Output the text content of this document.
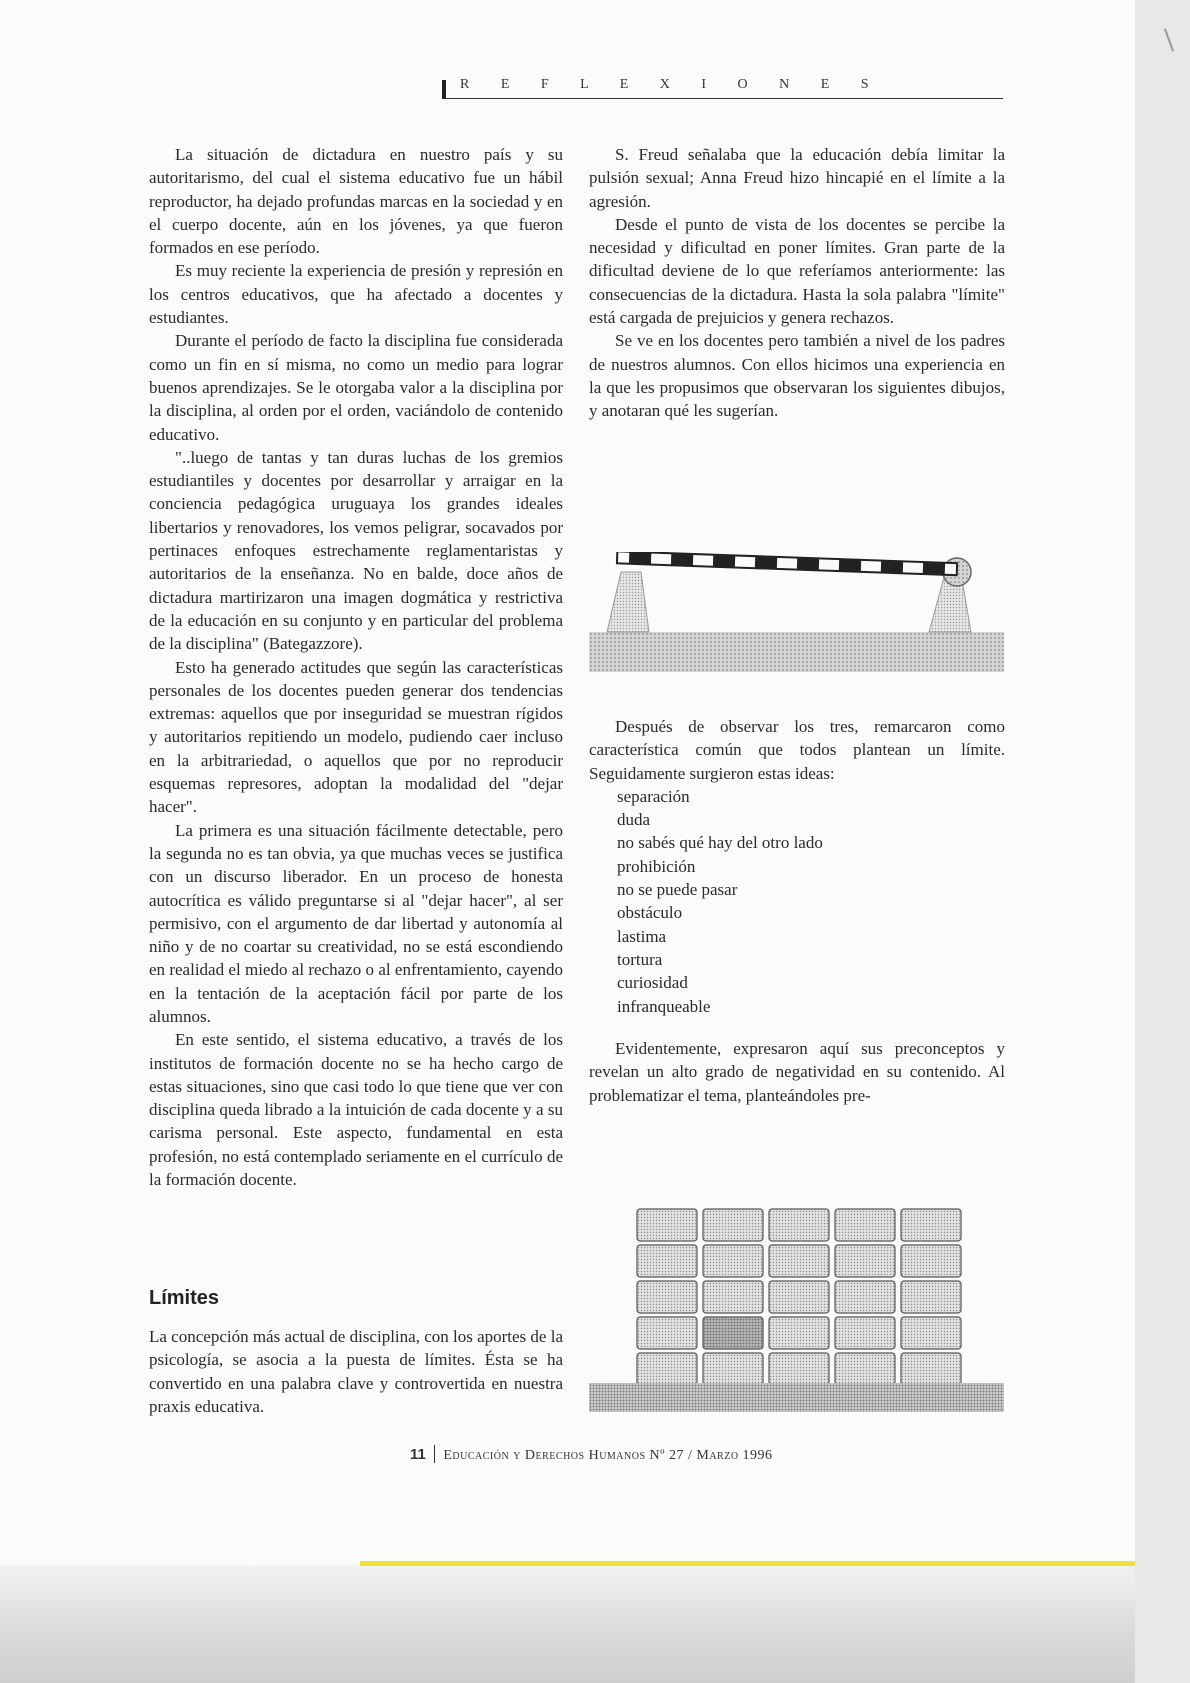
R E F L E X I O N E S

La situación de dictadura en nuestro país y su autoritarismo, del cual el sistema educativo fue un hábil reproductor, ha dejado profundas marcas en la sociedad y en el cuerpo docente, aún en los jóvenes, ya que fueron formados en ese período.

Es muy reciente la experiencia de presión y represión en los centros educativos, que ha afectado a docentes y estudiantes.

Durante el período de facto la disciplina fue considerada como un fin en sí misma, no como un medio para lograr buenos aprendizajes. Se le otorgaba valor a la disciplina por la disciplina, al orden por el orden, vaciándolo de contenido educativo.

"..luego de tantas y tan duras luchas de los gremios estudiantiles y docentes por desarrollar y arraigar en la conciencia pedagógica uruguaya los grandes ideales libertarios y renovadores, los vemos peligrar, socavados por pertinaces enfoques estrechamente reglamentaristas y autoritarios de la enseñanza. No en balde, doce años de dictadura martirizaron una imagen dogmática y restrictiva de la educación en su conjunto y en particular del problema de la disciplina" (Bategazzore).

Esto ha generado actitudes que según las características personales de los docentes pueden generar dos tendencias extremas: aquellos que por inseguridad se muestran rígidos y autoritarios repitiendo un modelo, pudiendo caer incluso en la arbitrariedad, o aquellos que por no reproducir esquemas represores, adoptan la modalidad del "dejar hacer".

La primera es una situación fácilmente detectable, pero la segunda no es tan obvia, ya que muchas veces se justifica con un discurso liberador. En un proceso de honesta autocrítica es válido preguntarse si al "dejar hacer", al ser permisivo, con el argumento de dar libertad y autonomía al niño y de no coartar su creatividad, no se está escondiendo en realidad el miedo al rechazo o al enfrentamiento, cayendo en la tentación de la aceptación fácil por parte de los alumnos.

En este sentido, el sistema educativo, a través de los institutos de formación docente no se ha hecho cargo de estas situaciones, sino que casi todo lo que tiene que ver con disciplina queda librado a la intuición de cada docente y a su carisma personal. Este aspecto, fundamental en esta profesión, no está contemplado seriamente en el currículo de la formación docente.

Límites

La concepción más actual de disciplina, con los aportes de la psicología, se asocia a la puesta de límites. Ésta se ha convertido en una palabra clave y controvertida en nuestra praxis educativa.

S. Freud señalaba que la educación debía limitar la pulsión sexual; Anna Freud hizo hincapié en el límite a la agresión.

Desde el punto de vista de los docentes se percibe la necesidad y dificultad en poner límites. Gran parte de la dificultad deviene de lo que referíamos anteriormente: las consecuencias de la dictadura. Hasta la sola palabra "límite" está cargada de prejuicios y genera rechazos.

Se ve en los docentes pero también a nivel de los padres de nuestros alumnos. Con ellos hicimos una experiencia en la que les propusimos que observaran los siguientes dibujos, y anotaran qué les sugerían.

Después de observar los tres, remarcaron como característica común que todos plantean un límite. Seguidamente surgieron estas ideas:

separación
duda
no sabés qué hay del otro lado
prohibición
no se puede pasar
obstáculo
lastima
tortura
curiosidad
infranqueable

Evidentemente, expresaron aquí sus preconceptos y revelan un alto grado de negatividad en su contenido. Al problematizar el tema, planteándoles pre-

11 Educación y Derechos Humanos Nº 27 / Marzo 1996
